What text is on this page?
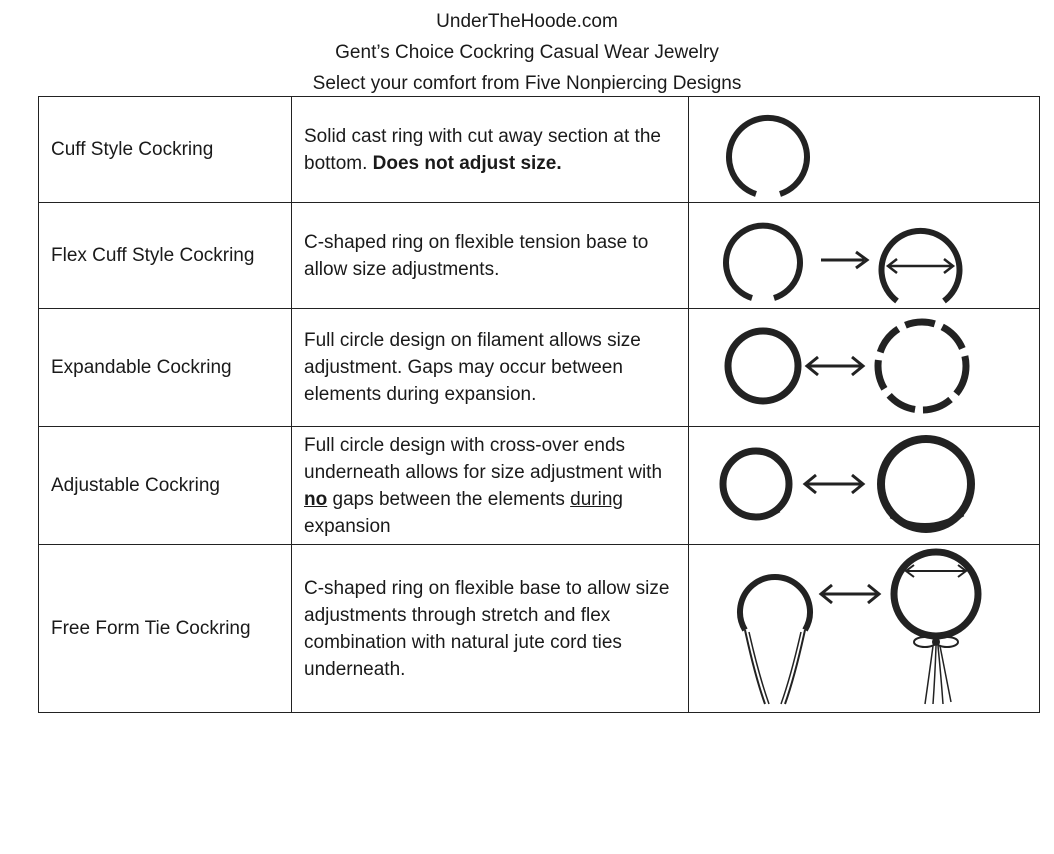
UnderTheHoode.com
Gent’s Choice Cockring Casual Wear Jewelry
Select your comfort from Five Nonpiercing Designs
Cuff Style Cockring	Solid cast ring with cut away section at the bottom. Does not adjust size.	

Flex Cuff Style Cockring	C-shaped ring on flexible tension base to allow size adjustments.	

Expandable Cockring	Full circle design on filament allows size adjustment. Gaps may occur between elements during expansion.	

Adjustable Cockring	Full circle design with cross-over ends underneath allows for size adjustment with no gaps between the elements during expansion	

Free Form Tie Cockring	C-shaped ring on flexible base to allow size adjustments through stretch and flex combination with natural jute cord ties underneath.	
